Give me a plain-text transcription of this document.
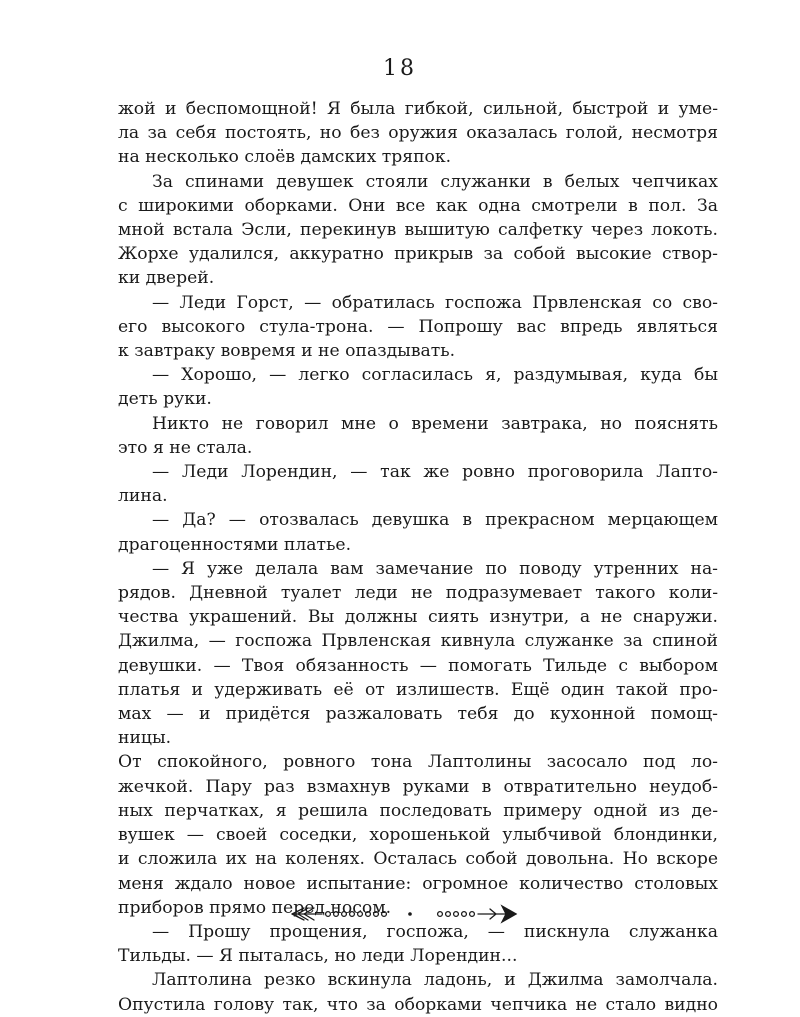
18

жой и беспомощной! Я была гибкой, сильной, быстрой и уме-

ла за себя постоять, но без оружия оказалась голой, несмотря

на несколько слоёв дамских тряпок.

За спинами девушек стояли служанки в белых чепчиках

с широкими оборками. Они все как одна смотрели в пол. За

мной встала Эсли, перекинув вышитую салфетку через локоть.

Жорхе удалился, аккуратно прикрыв за собой высокие створ-

ки дверей.

— Леди Горст, — обратилась госпожа Првленская со сво-

его высокого стула-трона. — Попрошу вас впредь являться

к завтраку вовремя и не опаздывать.

— Хорошо, — легко согласилась я, раздумывая, куда бы

деть руки.

Никто не говорил мне о времени завтрака, но пояснять

это я не стала.

— Леди Лорендин, — так же ровно проговорила Лапто-

лина.

— Да? — отозвалась девушка в прекрасном мерцающем

драгоценностями платье.

— Я уже делала вам замечание по поводу утренних на-

рядов. Дневной туалет леди не подразумевает такого коли-

чества украшений. Вы должны сиять изнутри, а не снаружи.

Джилма, — госпожа Првленская кивнула служанке за спиной

девушки. — Твоя обязанность — помогать Тильде с выбором

платья и удерживать её от излишеств. Ещё один такой про-

мах — и придётся разжаловать тебя до кухонной помощ-

ницы.

От спокойного, ровного тона Лаптолины засосало под ло-

жечкой. Пару раз взмахнув руками в отвратительно неудоб-

ных перчатках, я решила последовать примеру одной из де-

вушек — своей соседки, хорошенькой улыбчивой блондинки,

и сложила их на коленях. Осталась собой довольна. Но вскоре

меня ждало новое испытание: огромное количество столовых

приборов прямо перед носом.

— Прошу прощения, госпожа, — пискнула служанка

Тильды. — Я пыталась, но леди Лорендин...

Лаптолина резко вскинула ладонь, и Джилма замолчала.

Опустила голову так, что за оборками чепчика не стало видно
